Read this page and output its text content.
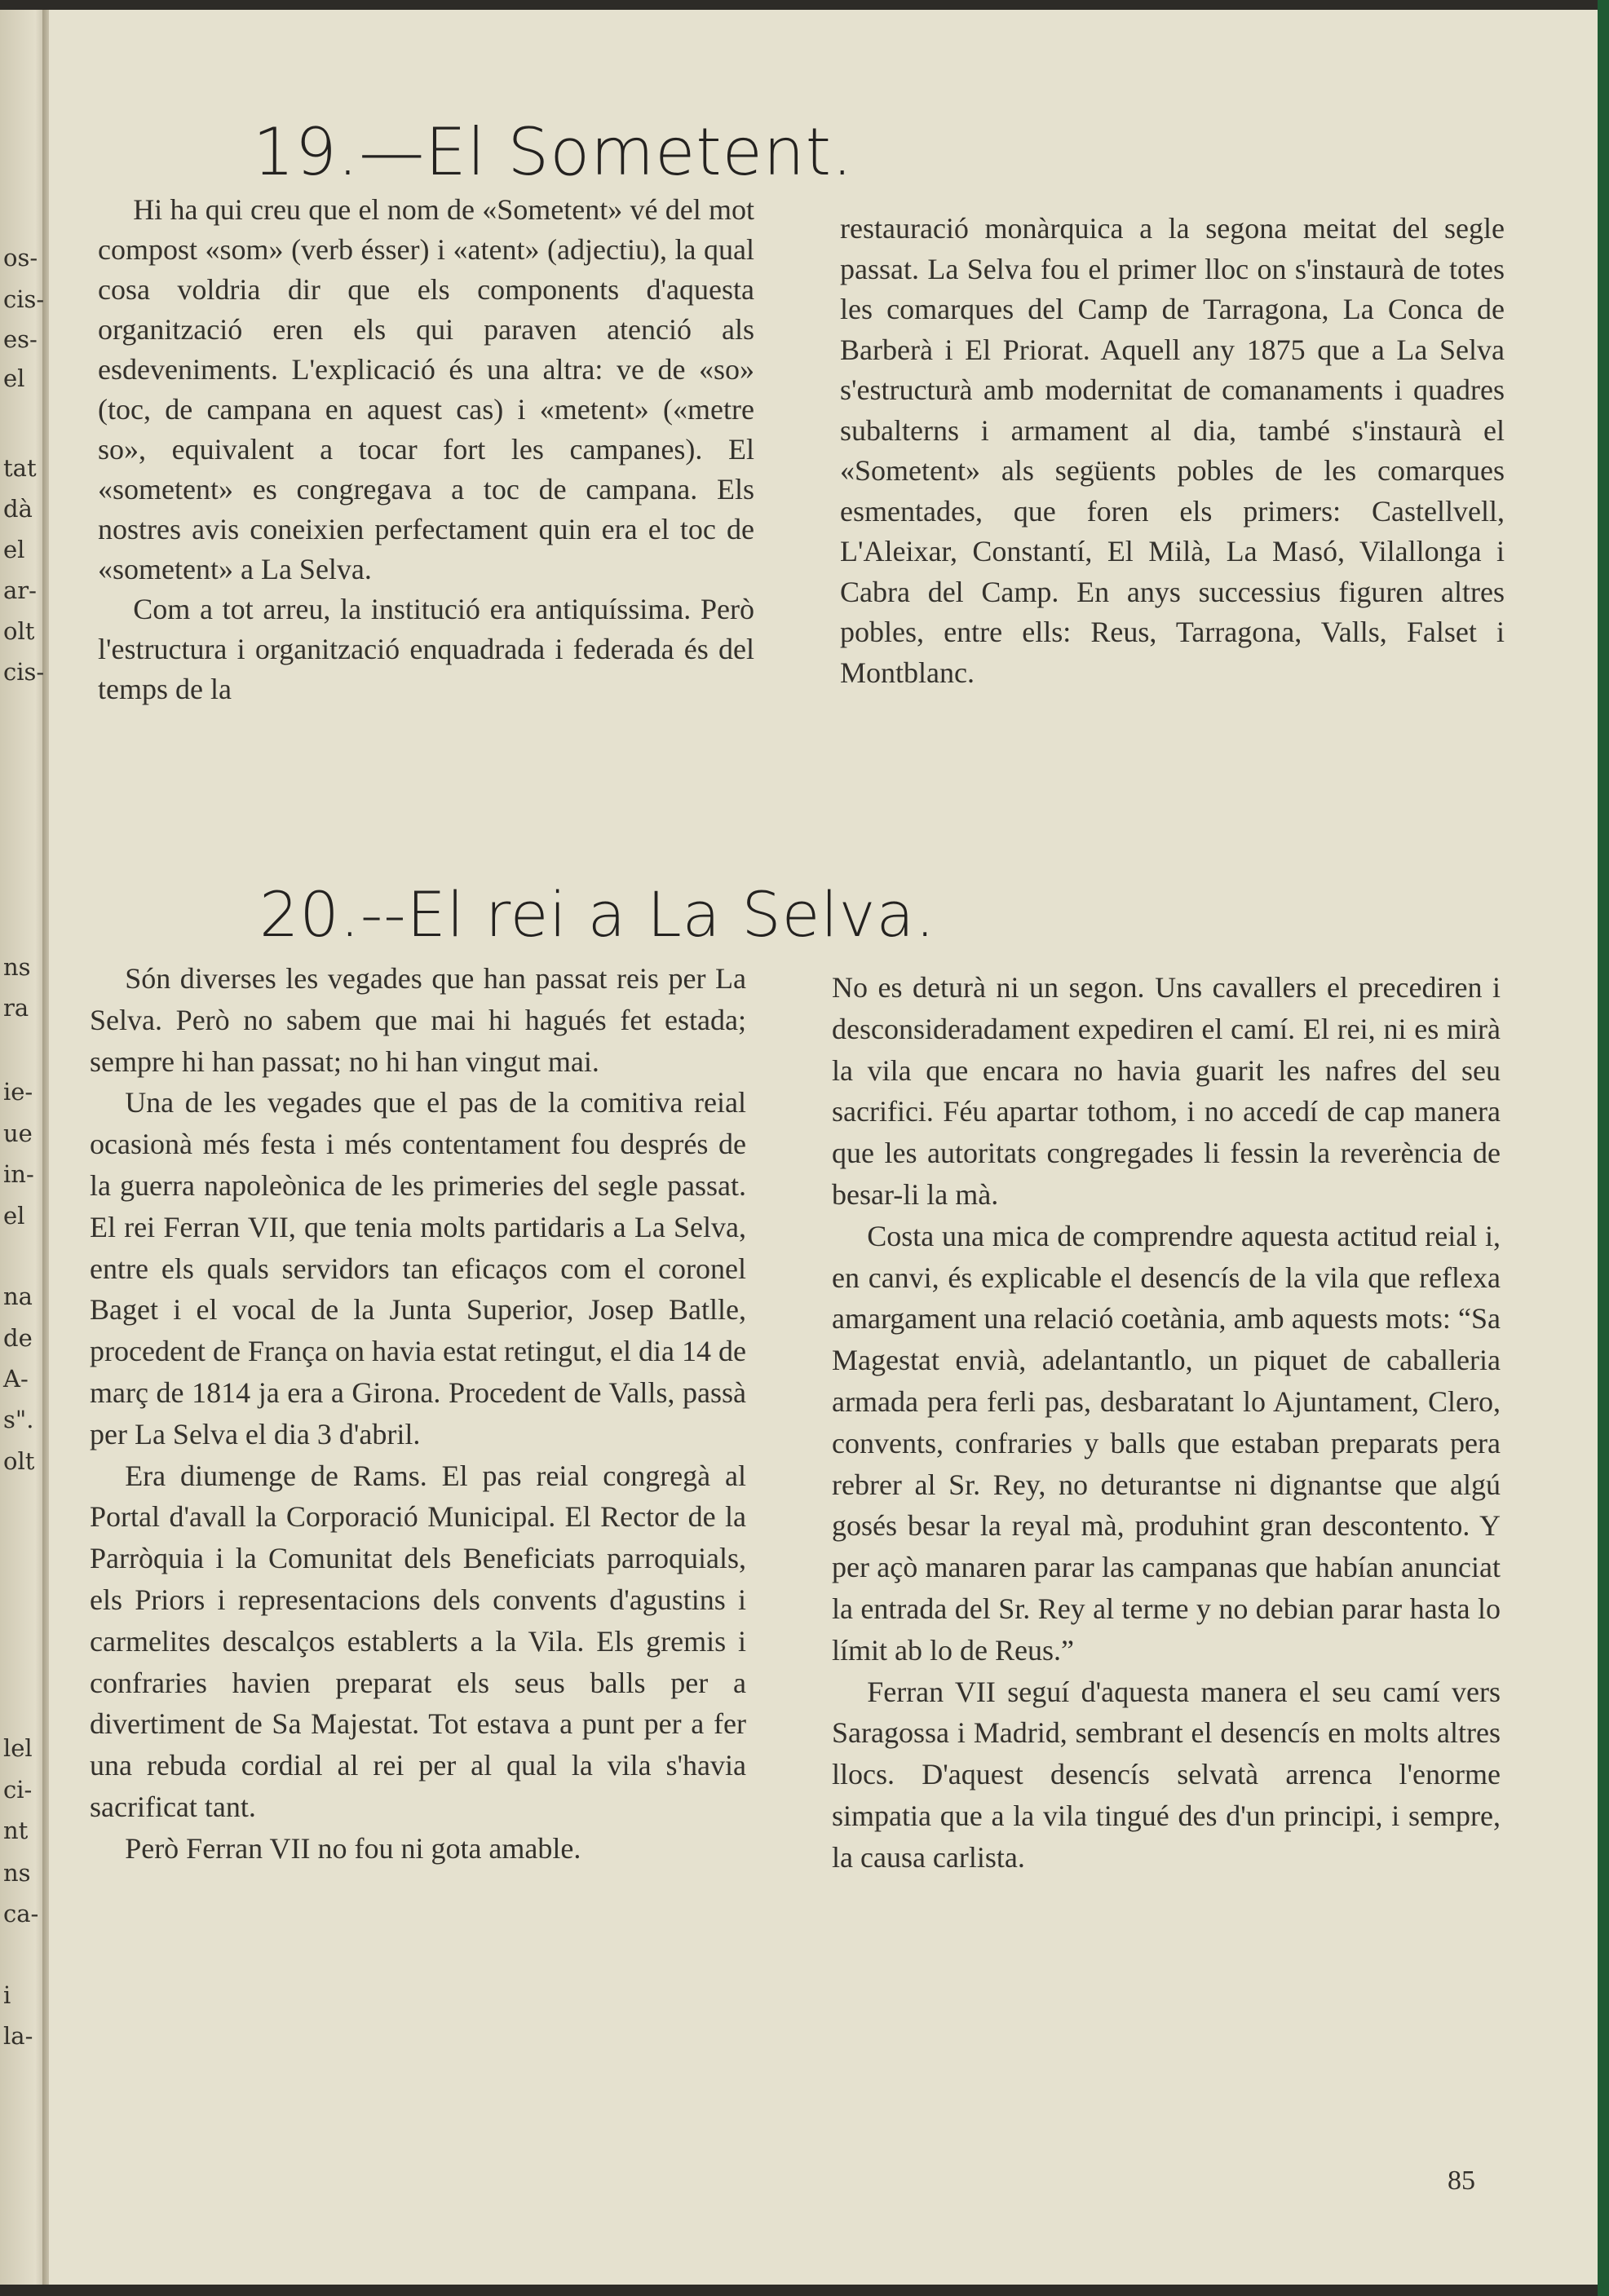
os-
cis-
es-
el
tat
dà
el
ar-
olt
cis-
ns
ra
ie-
ue
in-
el
na
de
A-
s".
olt
lel
ci-
nt
ns
ca-
i
la-
19.—El Sometent.

Hi ha qui creu que el nom de «Sometent» vé del mot compost «som» (verb ésser) i «atent» (adjectiu), la qual cosa voldria dir que els components d'aquesta organització eren els qui paraven atenció als esdeveniments. L'explicació és una altra: ve de «so» (toc, de campana en aquest cas) i «metent» («metre so», equivalent a tocar fort les campanes). El «sometent» es congregava a toc de campana. Els nostres avis coneixien perfectament quin era el toc de «sometent» a La Selva.

Com a tot arreu, la institució era antiquíssima. Però l'estructura i organització enquadrada i federada és del temps de la

restauració monàrquica a la segona meitat del segle passat. La Selva fou el primer lloc on s'instaurà de totes les comarques del Camp de Tarragona, La Conca de Barberà i El Priorat. Aquell any 1875 que a La Selva s'estructurà amb modernitat de comanaments i quadres subalterns i armament al dia, també s'instaurà el «Sometent» als següents pobles de les comarques esmentades, que foren els primers: Castellvell, L'Aleixar, Constantí, El Milà, La Masó, Vilallonga i Cabra del Camp. En anys successius figuren altres pobles, entre ells: Reus, Tarragona, Valls, Falset i Montblanc.

20.--El rei a La Selva.

Són diverses les vegades que han passat reis per La Selva. Però no sabem que mai hi hagués fet estada; sempre hi han passat; no hi han vingut mai.

Una de les vegades que el pas de la comitiva reial ocasionà més festa i més contentament fou després de la guerra napoleònica de les primeries del segle passat. El rei Ferran VII, que tenia molts partidaris a La Selva, entre els quals servidors tan eficaços com el coronel Baget i el vocal de la Junta Superior, Josep Batlle, procedent de França on havia estat retingut, el dia 14 de març de 1814 ja era a Girona. Procedent de Valls, passà per La Selva el dia 3 d'abril.

Era diumenge de Rams. El pas reial congregà al Portal d'avall la Corporació Municipal. El Rector de la Parròquia i la Comunitat dels Beneficiats parroquials, els Priors i representacions dels convents d'agustins i carmelites descalços establerts a la Vila. Els gremis i confraries havien preparat els seus balls per a divertiment de Sa Majestat. Tot estava a punt per a fer una rebuda cordial al rei per al qual la vila s'havia sacrificat tant.

Però Ferran VII no fou ni gota amable.

No es deturà ni un segon. Uns cavallers el precediren i desconsideradament expediren el camí. El rei, ni es mirà la vila que encara no havia guarit les nafres del seu sacrifici. Féu apartar tothom, i no accedí de cap manera que les autoritats congregades li fessin la reverència de besar-li la mà.

Costa una mica de comprendre aquesta actitud reial i, en canvi, és explicable el desencís de la vila que reflexa amargament una relació coetània, amb aquests mots: “Sa Magestat envià, adelantantlo, un piquet de caballeria armada pera ferli pas, desbaratant lo Ajuntament, Clero, convents, confraries y balls que estaban preparats pera rebrer al Sr. Rey, no deturantse ni dignantse que algú gosés besar la reyal mà, produhint gran descontento. Y per açò manaren parar las campanas que habían anunciat la entrada del Sr. Rey al terme y no debian parar hasta lo límit ab lo de Reus.”

Ferran VII seguí d'aquesta manera el seu camí vers Saragossa i Madrid, sembrant el desencís en molts altres llocs. D'aquest desencís selvatà arrenca l'enorme simpatia que a la vila tingué des d'un principi, i sempre, la causa carlista.

85
